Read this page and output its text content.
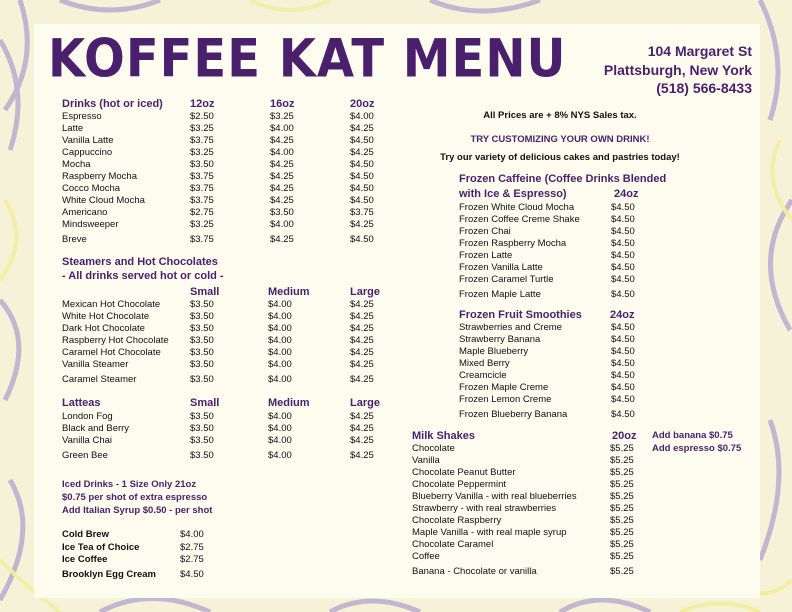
KOFFEE KAT MENU	104 Margaret St
Plattsburgh, New York
(518) 566-8433
Drinks (hot or iced) 12oz	16oz	20oz
Espresso	$2.50	$3.25	$4.00
Latte	$3.25	$4.00	$4.25
Vanilla Latte	$3.75	$4.25	$4.50
Cappuccino	$3.25	$4.00	$4.25
Mocha	$3.50	$4.25	$4.50
Raspberry Mocha	$3.75	$4.25	$4.50
Cocco Mocha	$3.75	$4.25	$4.50
White Cloud Mocha	$3.75	$4.25	$4.50
Americano	$2.75	$3.50	$3.75
Mindsweeper	$3.25	$4.00	$4.25
Breve	$3.75	$4.25	$4.50
Steamers and Hot Chocolates
- All drinks served hot or cold -
Small	Medium	Large
Mexican Hot Chocolate	$3.50	$4.00	$4.25
White Hot Chocolate	$3.50	$4.00	$4.25
Dark Hot Chocolate	$3.50	$4.00	$4.25
Raspberry Hot Chocolate $3.50	$4.00	$4.25
Caramel Hot Chocolate	$3.50	$4.00	$4.25
Vanilla Steamer	$3.50	$4.00	$4.25
Caramel Steamer	$3.50	$4.00	$4.25
Latteas	Small	Medium	Large
London Fog	$3.50	$4.00	$4.25
Black and Berry	$3.50	$4.00	$4.25
Vanilla Chai	$3.50	$4.00	$4.25
Green Bee	$3.50	$4.00	$4.25
Iced Drinks - 1 Size Only 21oz
$0.75 per shot of extra espresso
Add Italian Syrup $0.50 - per shot
Cold Brew	$4.00
Ice Tea of Choice	$2.75
Ice Coffee	$2.75
Brooklyn Egg Cream	$4.50
All Prices are + 8% NYS Sales tax.
TRY CUSTOMIZING YOUR OWN DRINK!
Try our variety of delicious cakes and pastries today!
Frozen Caffeine (Coffee Drinks Blended
with Ice & Espresso)	24oz
Frozen White Cloud Mocha	$4.50
Frozen Coffee Creme Shake	$4.50
Frozen Chai	$4.50
Frozen Raspberry Mocha	$4.50
Frozen Latte	$4.50
Frozen Vanilla Latte	$4.50
Frozen Caramel Turtle	$4.50
Frozen Maple Latte	$4.50
Frozen Fruit Smoothies	24oz
Strawberries and Creme	$4.50
Strawberry Banana	$4.50
Maple Blueberry	$4.50
Mixed Berry	$4.50
Creamcicle	$4.50
Frozen Maple Creme	$4.50
Frozen Lemon Creme	$4.50
Frozen Blueberry Banana	$4.50
Milk Shakes	20oz Add banana $0.75
Add espresso $0.75
Chocolate	$5.25
Vanilla	$5.25
Chocolate Peanut Butter	$5.25
Chocolate Peppermint	$5.25
Blueberry Vanilla - with real blueberries	$5.25
Strawberry - with real strawberries	$5.25
Chocolate Raspberry	$5.25
Maple Vanilla - with real maple syrup	$5.25
Chocolate Caramel	$5.25
Coffee	$5.25
Banana - Chocolate or vanilla	$5.25
